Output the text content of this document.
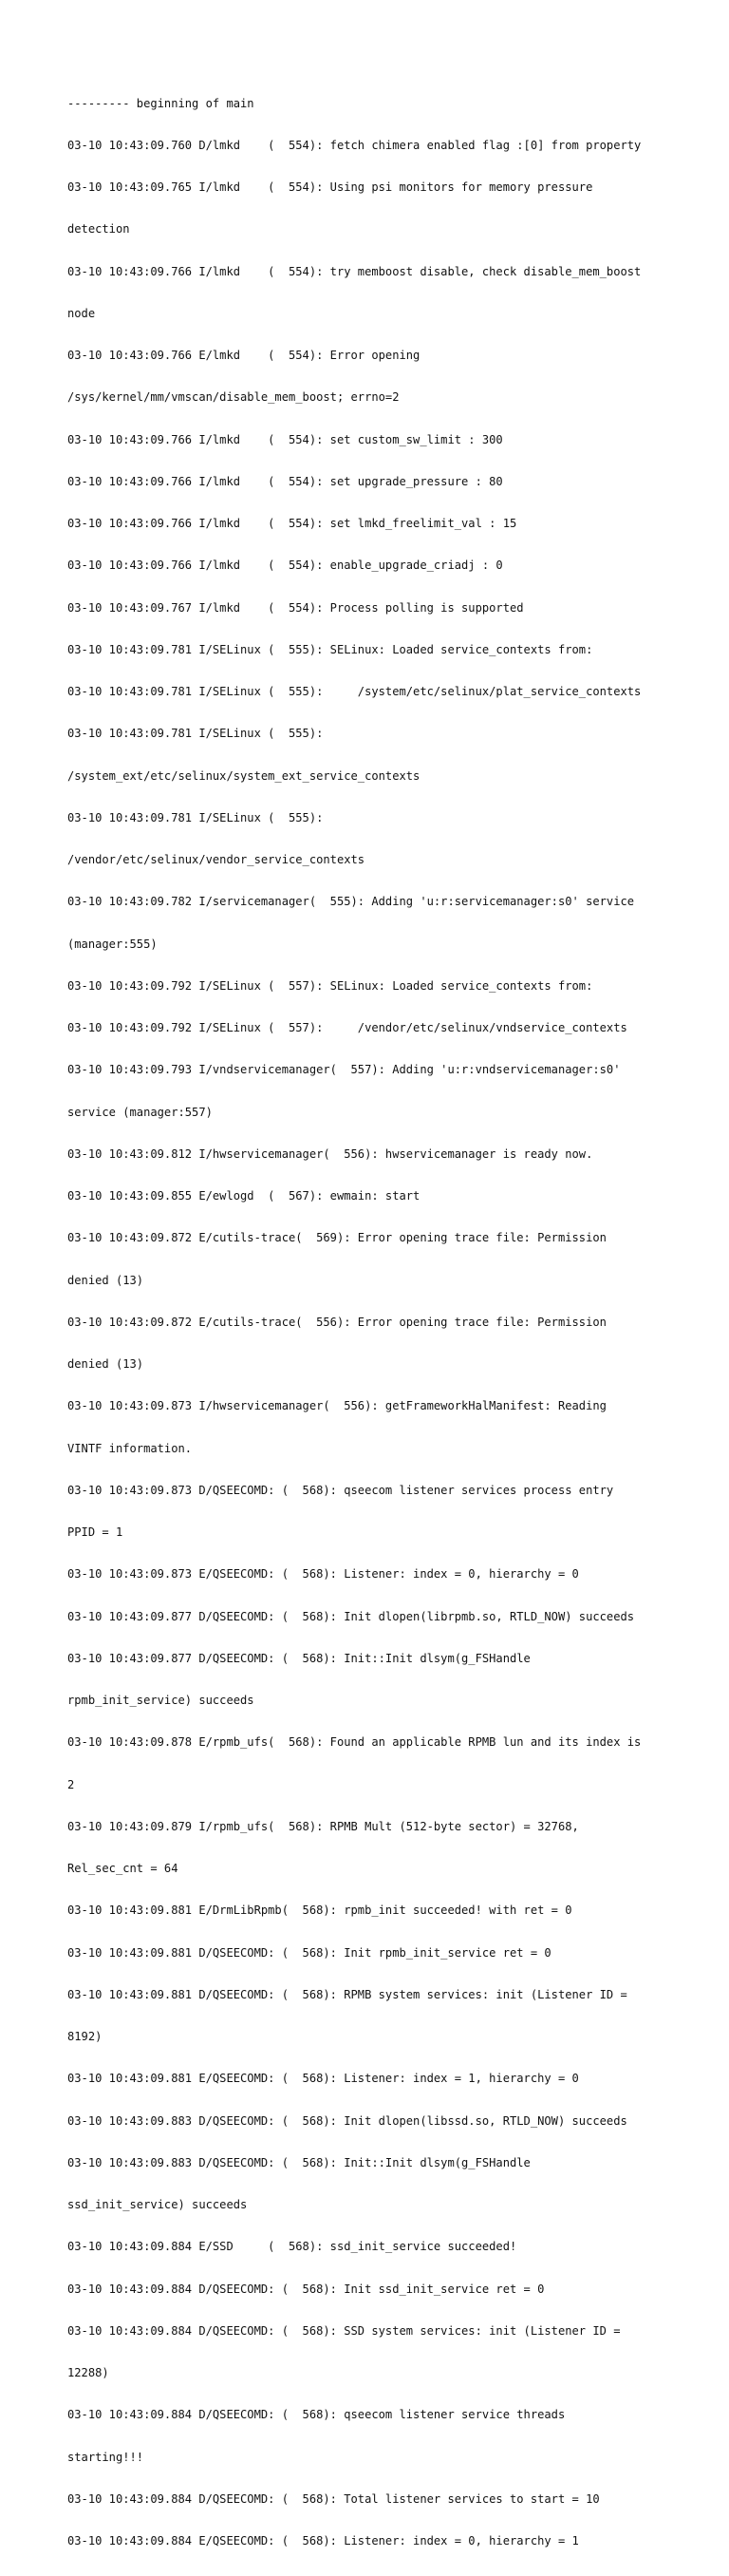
--------- beginning of main

03-10 10:43:09.760 D/lmkd    (  554): fetch chimera enabled flag :[0] from property

03-10 10:43:09.765 I/lmkd    (  554): Using psi monitors for memory pressure

detection

03-10 10:43:09.766 I/lmkd    (  554): try memboost disable, check disable_mem_boost

node

03-10 10:43:09.766 E/lmkd    (  554): Error opening

/sys/kernel/mm/vmscan/disable_mem_boost; errno=2

03-10 10:43:09.766 I/lmkd    (  554): set custom_sw_limit : 300

03-10 10:43:09.766 I/lmkd    (  554): set upgrade_pressure : 80

03-10 10:43:09.766 I/lmkd    (  554): set lmkd_freelimit_val : 15

03-10 10:43:09.766 I/lmkd    (  554): enable_upgrade_criadj : 0

03-10 10:43:09.767 I/lmkd    (  554): Process polling is supported

03-10 10:43:09.781 I/SELinux (  555): SELinux: Loaded service_contexts from:

03-10 10:43:09.781 I/SELinux (  555):     /system/etc/selinux/plat_service_contexts

03-10 10:43:09.781 I/SELinux (  555):

/system_ext/etc/selinux/system_ext_service_contexts

03-10 10:43:09.781 I/SELinux (  555):

/vendor/etc/selinux/vendor_service_contexts

03-10 10:43:09.782 I/servicemanager(  555): Adding 'u:r:servicemanager:s0' service

(manager:555)

03-10 10:43:09.792 I/SELinux (  557): SELinux: Loaded service_contexts from:

03-10 10:43:09.792 I/SELinux (  557):     /vendor/etc/selinux/vndservice_contexts

03-10 10:43:09.793 I/vndservicemanager(  557): Adding 'u:r:vndservicemanager:s0'

service (manager:557)

03-10 10:43:09.812 I/hwservicemanager(  556): hwservicemanager is ready now.

03-10 10:43:09.855 E/ewlogd  (  567): ewmain: start

03-10 10:43:09.872 E/cutils-trace(  569): Error opening trace file: Permission

denied (13)

03-10 10:43:09.872 E/cutils-trace(  556): Error opening trace file: Permission

denied (13)

03-10 10:43:09.873 I/hwservicemanager(  556): getFrameworkHalManifest: Reading

VINTF information.

03-10 10:43:09.873 D/QSEECOMD: (  568): qseecom listener services process entry

PPID = 1

03-10 10:43:09.873 E/QSEECOMD: (  568): Listener: index = 0, hierarchy = 0

03-10 10:43:09.877 D/QSEECOMD: (  568): Init dlopen(librpmb.so, RTLD_NOW) succeeds

03-10 10:43:09.877 D/QSEECOMD: (  568): Init::Init dlsym(g_FSHandle

rpmb_init_service) succeeds

03-10 10:43:09.878 E/rpmb_ufs(  568): Found an applicable RPMB lun and its index is

2

03-10 10:43:09.879 I/rpmb_ufs(  568): RPMB Mult (512-byte sector) = 32768,

Rel_sec_cnt = 64

03-10 10:43:09.881 E/DrmLibRpmb(  568): rpmb_init succeeded! with ret = 0

03-10 10:43:09.881 D/QSEECOMD: (  568): Init rpmb_init_service ret = 0

03-10 10:43:09.881 D/QSEECOMD: (  568): RPMB system services: init (Listener ID =

8192)

03-10 10:43:09.881 E/QSEECOMD: (  568): Listener: index = 1, hierarchy = 0

03-10 10:43:09.883 D/QSEECOMD: (  568): Init dlopen(libssd.so, RTLD_NOW) succeeds

03-10 10:43:09.883 D/QSEECOMD: (  568): Init::Init dlsym(g_FSHandle

ssd_init_service) succeeds

03-10 10:43:09.884 E/SSD     (  568): ssd_init_service succeeded!

03-10 10:43:09.884 D/QSEECOMD: (  568): Init ssd_init_service ret = 0

03-10 10:43:09.884 D/QSEECOMD: (  568): SSD system services: init (Listener ID =

12288)

03-10 10:43:09.884 D/QSEECOMD: (  568): qseecom listener service threads

starting!!!

03-10 10:43:09.884 D/QSEECOMD: (  568): Total listener services to start = 10

03-10 10:43:09.884 E/QSEECOMD: (  568): Listener: index = 0, hierarchy = 1
